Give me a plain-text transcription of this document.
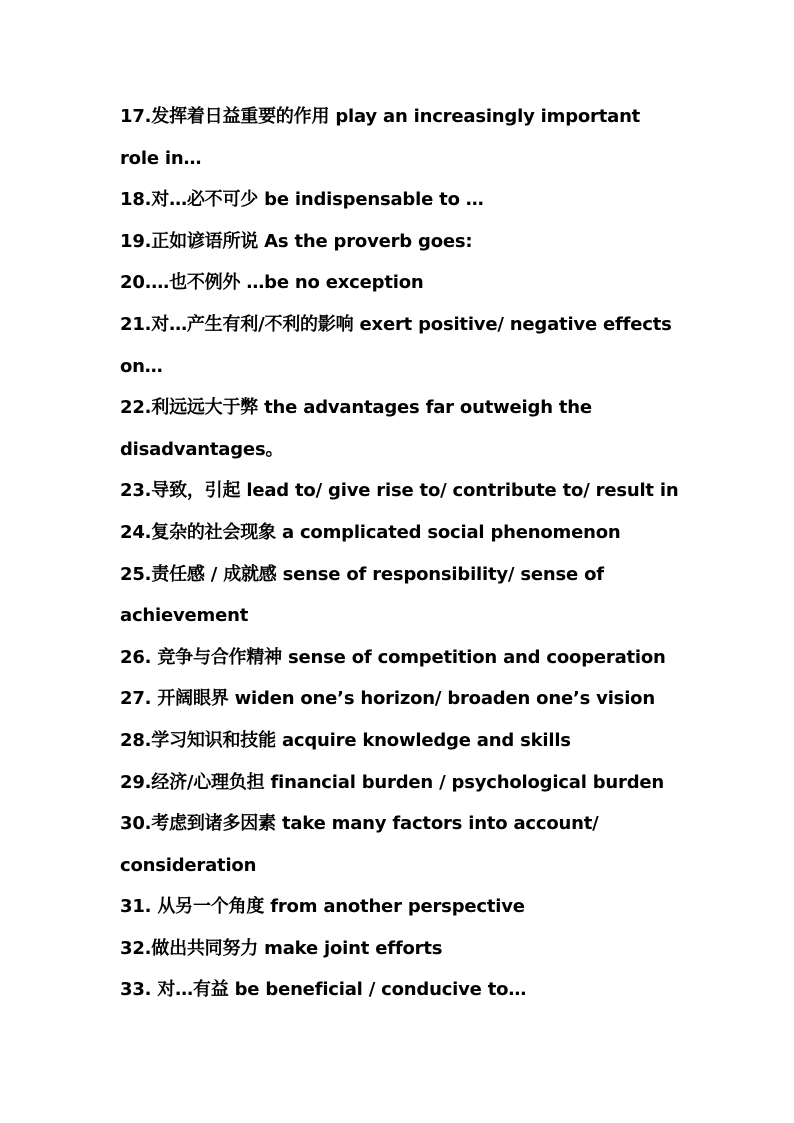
17.发挥着日益重要的作用 play an increasingly important
role in…
18.对…必不可少 be indispensable to …
19.正如谚语所说 As the proverb goes:
20.…也不例外 …be no exception
21.对…产生有利/不利的影响 exert positive/ negative effects
on…
22.利远远大于弊 the advantages far outweigh the
disadvantages。
23.导致，引起 lead to/ give rise to/ contribute to/ result in
24.复杂的社会现象 a complicated social phenomenon
25.责任感 / 成就感 sense of responsibility/ sense of
achievement
26. 竞争与合作精神 sense of competition and cooperation
27. 开阔眼界 widen one’s horizon/ broaden one’s vision
28.学习知识和技能 acquire knowledge and skills
29.经济/心理负担 financial burden / psychological burden
30.考虑到诸多因素 take many factors into account/
consideration
31. 从另一个角度 from another perspective
32.做出共同努力 make joint efforts
33. 对…有益 be beneficial / conducive to…
